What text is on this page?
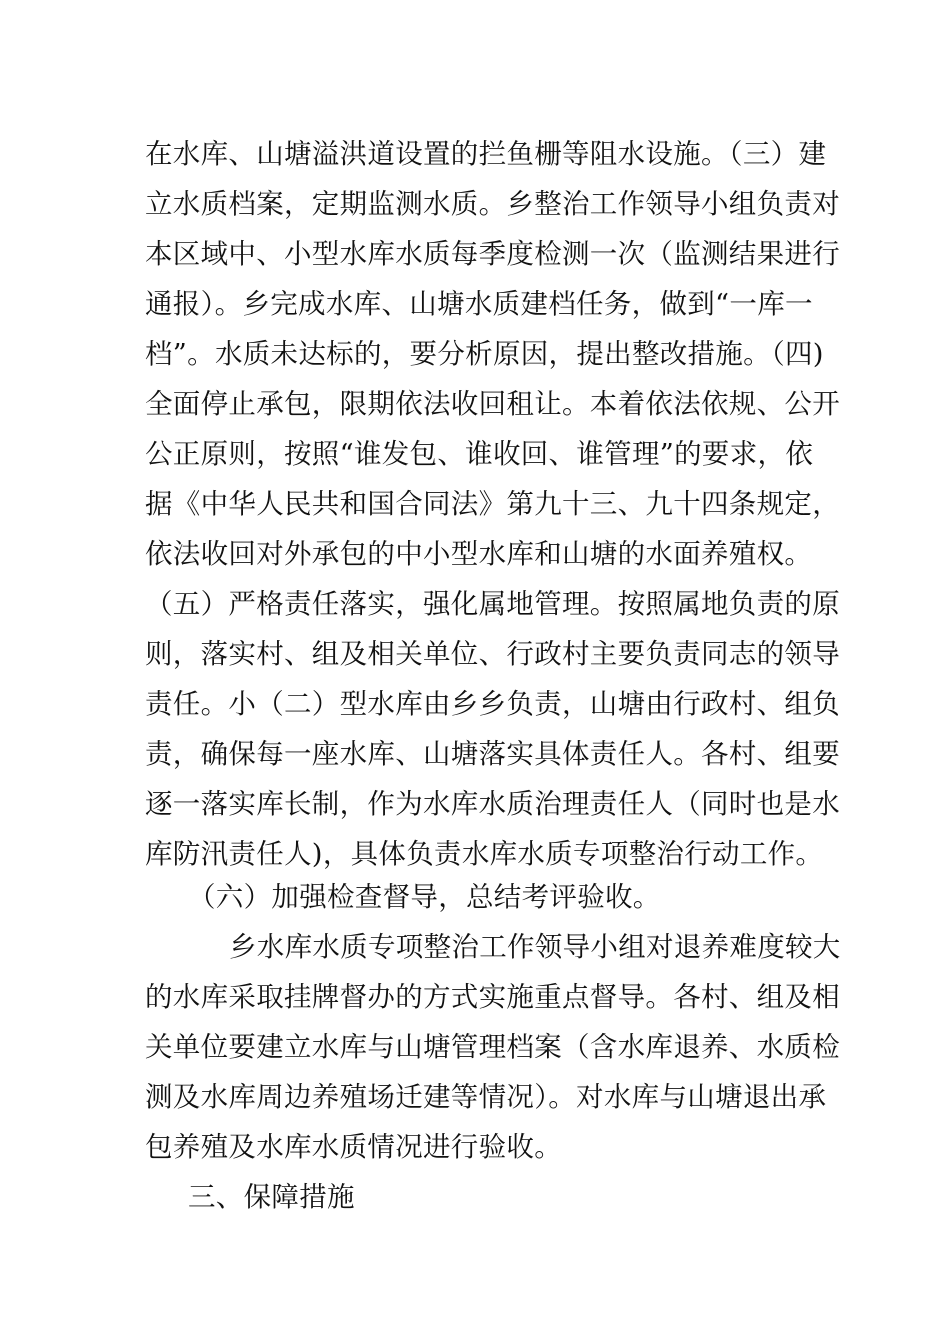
在水库、山塘溢洪道设置的拦鱼栅等阻水设施。（三）建
立水质档案，定期监测水质。乡整治工作领导小组负责对
本区域中、小型水库水质每季度检测一次（监测结果进行
通报）。乡完成水库、山塘水质建档任务，做到“一库一
档”。水质未达标的，要分析原因，提出整改措施。（四)
全面停止承包，限期依法收回租让。本着依法依规、公开
公正原则，按照“谁发包、谁收回、谁管理”的要求，依
据《中华人民共和国合同法》第九十三、九十四条规定，
依法收回对外承包的中小型水库和山塘的水面养殖权。
（五）严格责任落实，强化属地管理。按照属地负责的原
则，落实村、组及相关单位、行政村主要负责同志的领导
责任。小（二）型水库由乡乡负责，山塘由行政村、组负
责，确保每一座水库、山塘落实具体责任人。各村、组要
逐一落实库长制，作为水库水质治理责任人（同时也是水
库防汛责任人)，具体负责水库水质专项整治行动工作。
（六）加强检查督导，总结考评验收。
乡水库水质专项整治工作领导小组对退养难度较大
的水库采取挂牌督办的方式实施重点督导。各村、组及相
关单位要建立水库与山塘管理档案（含水库退养、水质检
测及水库周边养殖场迁建等情况）。对水库与山塘退出承
包养殖及水库水质情况进行验收。
三、保障措施
